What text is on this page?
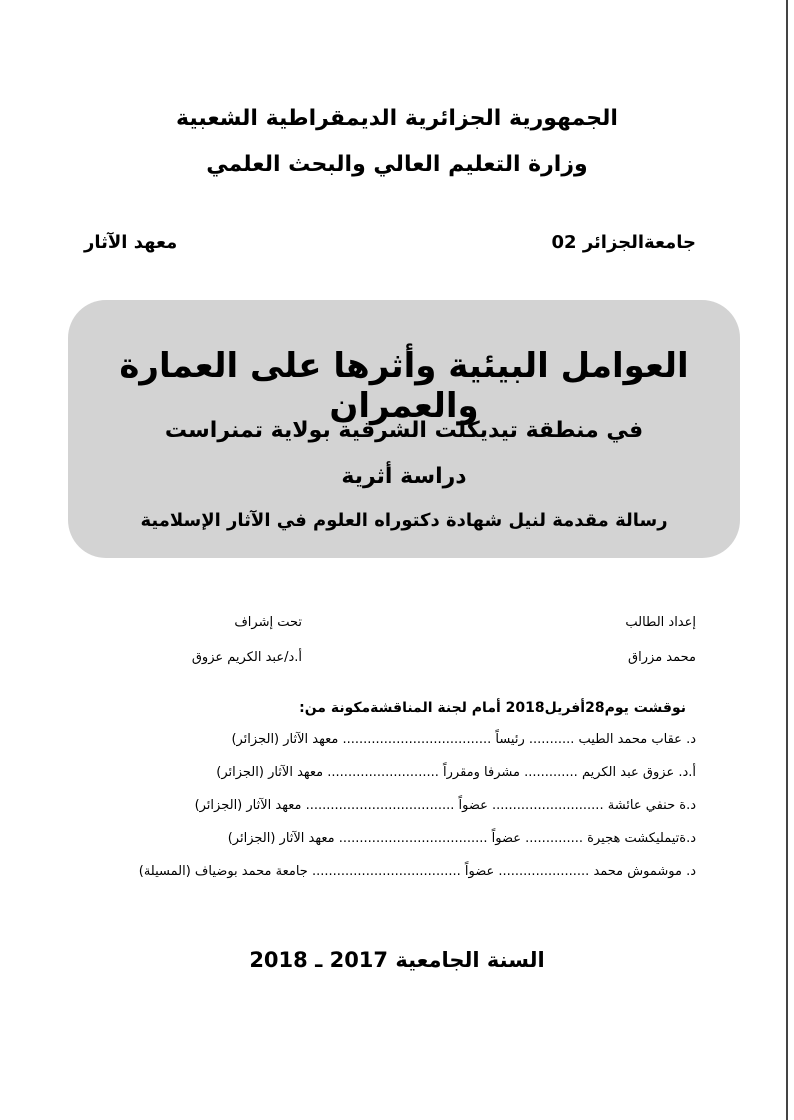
الجمهورية الجزائرية الديمقراطية الشعبية
وزارة التعليم العالي والبحث العلمي
جامعةالجزائر 02
معهد الآثار
العوامل البيئية وأثرها على العمارة والعمران
في منطقة تيديكلت الشرقية بولاية تمنراست
دراسة أثرية
رسالة مقدمة لنيل شهادة دكتوراه العلوم في الآثار الإسلامية
إعداد الطالب
محمد مزراق
تحت إشراف
أ.د/عبد الكريم عزوق
نوقشت يوم28أفريل2018 أمام لجنة المناقشةمكونة من:
د. عقاب محمد الطيب ........... رئيساً .................................... معهد الآثار (الجزائر)
أ.د. عزوق عبد الكريم ............. مشرفا ومقرراً ........................... معهد الآثار (الجزائر)
د.ة حنفي عائشة ........................... عضواً .................................... معهد الآثار (الجزائر)
د.ةتيمليكشت هجيرة .............. عضواً .................................... معهد الآثار (الجزائر)
د. موشموش محمد ...................... عضواً .................................... جامعة محمد بوضياف (المسيلة)
السنة الجامعية 2017 ـ 2018
